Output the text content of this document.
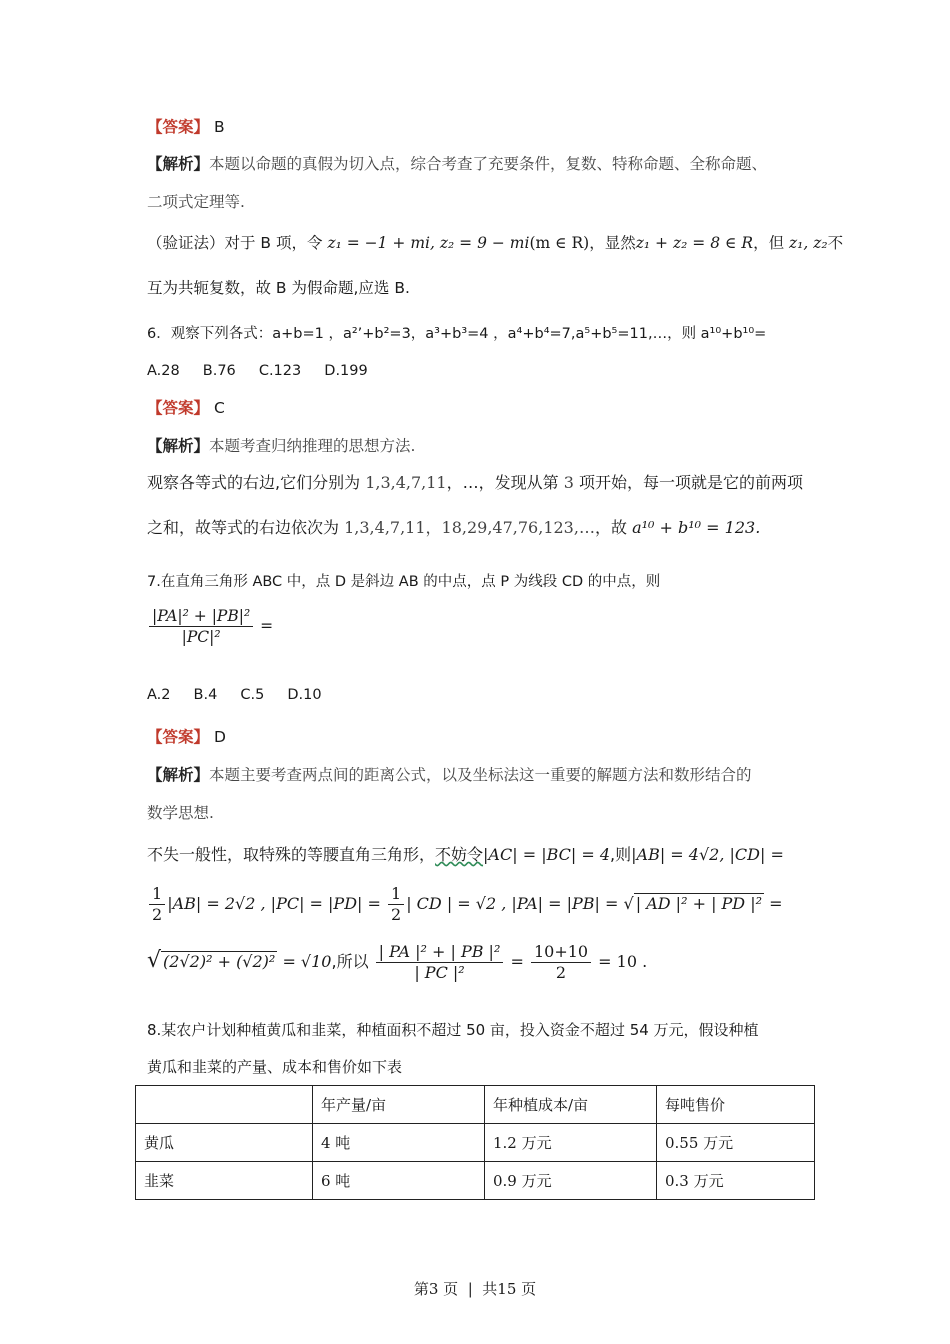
【答案】 B
【解析】本题以命题的真假为切入点，综合考查了充要条件，复数、特称命题、全称命题、
二项式定理等.
（验证法）对于 B 项，令 z₁ = −1 + mi, z₂ = 9 − mi(m ∈ R)，显然z₁ + z₂ = 8 ∈ R，但 z₁, z₂不
互为共轭复数，故 B 为假命题,应选 B.
6．观察下列各式：a+b=1 ，a²’+b²=3，a³+b³=4 ，a⁴+b⁴=7,a⁵+b⁵=11,…，则 a¹⁰+b¹⁰=
A.28     B.76     C.123     D.199
【答案】 C
【解析】本题考查归纳推理的思想方法.
观察各等式的右边,它们分别为 1,3,4,7,11，…，发现从第 3 项开始，每一项就是它的前两项
之和，故等式的右边依次为 1,3,4,7,11，18,29,47,76,123,…，故 a¹⁰ + b¹⁰ = 123.
7.在直角三角形 ABC 中，点 D 是斜边 AB 的中点，点 P 为线段 CD 的中点，则
$\frac{\text{|PA|² + |PB|²}}{\text{|PC|²}}$ =
A.2     B.4     C.5     D.10
【答案】 D
【解析】本题主要考查两点间的距离公式，以及坐标法这一重要的解题方法和数形结合的
数学思想.
不失一般性，取特殊的等腰直角三角形，不妨令|AC| = |BC| = 4,则|AB| = 4√2, |CD| =
$\frac{1}{2} |AB| = 2√2$ , $|PC| = |PD| = \frac{1}{2}$ | CD | = √2 , |PA| = |PB| = √ | AD |² + | PD |² =
√ (2√2)² + (√2)² = √10,所以 $\frac{\text{| PA |² + | PB |²}}{\text{| PC |²}} = \frac{10+10}{2} = 10$ .
8.某农户计划种植黄瓜和韭菜，种植面积不超过 50 亩，投入资金不超过 54 万元，假设种植
黄瓜和韭菜的产量、成本和售价如下表
	年产量/亩	年种植成本/亩	每吨售价
黄瓜	4 吨	1.2 万元	0.55 万元
韭菜	6 吨	0.9 万元	0.3 万元
第3 页  |  共15 页
